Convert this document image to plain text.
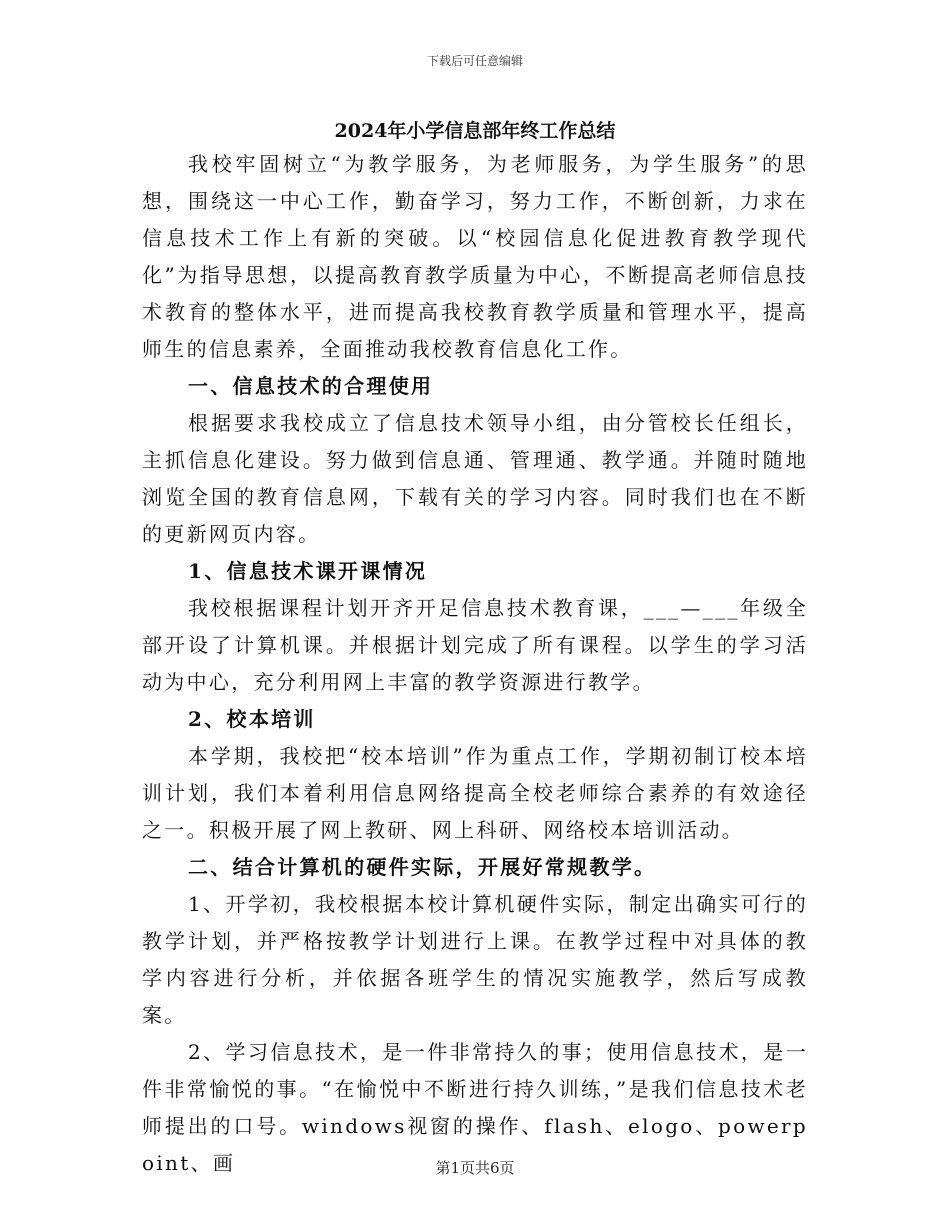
下载后可任意编辑
2024年小学信息部年终工作总结

我校牢固树立“为教学服务，为老师服务，为学生服务”的思想，围绕这一中心工作，勤奋学习，努力工作，不断创新，力求在信息技术工作上有新的突破。以“校园信息化促进教育教学现代化”为指导思想，以提高教育教学质量为中心，不断提高老师信息技术教育的整体水平，进而提高我校教育教学质量和管理水平，提高师生的信息素养，全面推动我校教育信息化工作。

一、信息技术的合理使用

根据要求我校成立了信息技术领导小组，由分管校长任组长，主抓信息化建设。努力做到信息通、管理通、教学通。并随时随地浏览全国的教育信息网，下载有关的学习内容。同时我们也在不断的更新网页内容。

1、信息技术课开课情况

我校根据课程计划开齐开足信息技术教育课，___—___年级全部开设了计算机课。并根据计划完成了所有课程。以学生的学习活动为中心，充分利用网上丰富的教学资源进行教学。

2、校本培训

本学期，我校把“校本培训”作为重点工作，学期初制订校本培训计划，我们本着利用信息网络提高全校老师综合素养的有效途径之一。积极开展了网上教研、网上科研、网络校本培训活动。

二、结合计算机的硬件实际，开展好常规教学。

1、开学初，我校根据本校计算机硬件实际，制定出确实可行的教学计划，并严格按教学计划进行上课。在教学过程中对具体的教学内容进行分析，并依据各班学生的情况实施教学，然后写成教案。

2、学习信息技术，是一件非常持久的事；使用信息技术，是一件非常愉悦的事。“在愉悦中不断进行持久训练，”是我们信息技术老师提出的口号。windows视窗的操作、flash、elogo、powerpoint、画	第1页共6页
